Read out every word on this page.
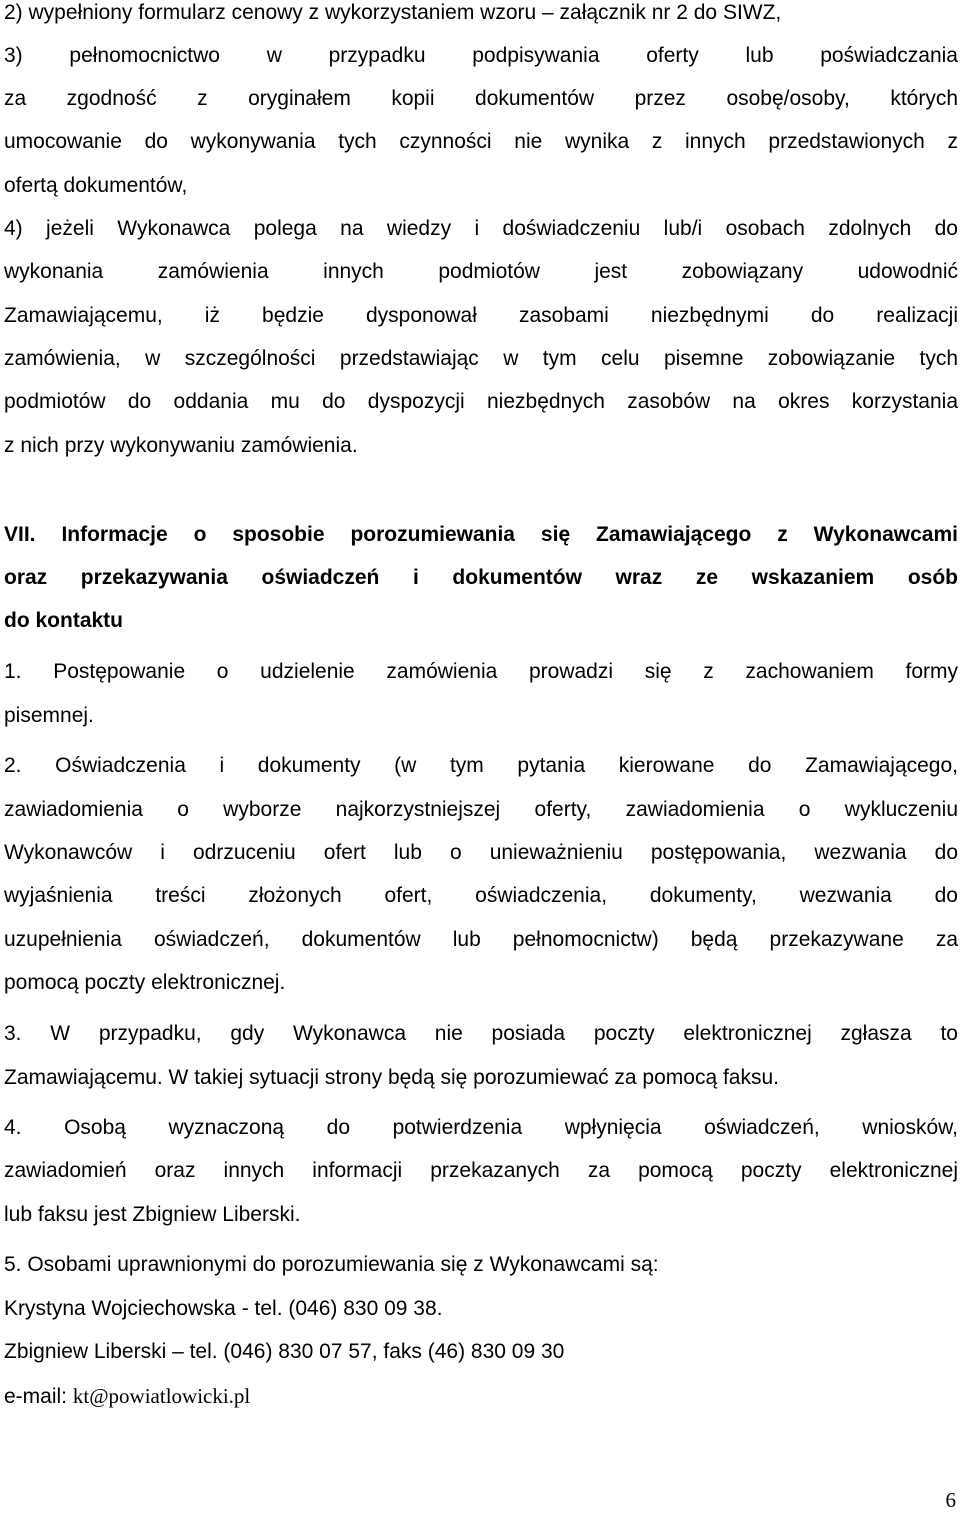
2) wypełniony formularz cenowy z wykorzystaniem wzoru – załącznik nr 2 do SIWZ,
3) pełnomocnictwo w przypadku podpisywania oferty lub poświadczania
za zgodność z oryginałem kopii dokumentów przez osobę/osoby, których
umocowanie do wykonywania tych czynności nie wynika z innych przedstawionych z
ofertą dokumentów,
4) jeżeli Wykonawca polega na wiedzy i doświadczeniu lub/i osobach zdolnych do
wykonania zamówienia innych podmiotów jest zobowiązany udowodnić
Zamawiającemu, iż będzie dysponował zasobami niezbędnymi do realizacji
zamówienia, w szczególności przedstawiając w tym celu pisemne zobowiązanie tych
podmiotów do oddania mu do dyspozycji niezbędnych zasobów na okres korzystania
z nich przy wykonywaniu zamówienia.
VII. Informacje o sposobie porozumiewania się Zamawiającego z Wykonawcami
oraz przekazywania oświadczeń i dokumentów wraz ze wskazaniem osób
do kontaktu
1. Postępowanie o udzielenie zamówienia prowadzi się z zachowaniem formy
pisemnej.
2. Oświadczenia i dokumenty (w tym pytania kierowane do Zamawiającego,
zawiadomienia o wyborze najkorzystniejszej oferty, zawiadomienia o wykluczeniu
Wykonawców i odrzuceniu ofert lub o unieważnieniu postępowania, wezwania do
wyjaśnienia treści złożonych ofert, oświadczenia, dokumenty, wezwania do
uzupełnienia oświadczeń, dokumentów lub pełnomocnictw) będą przekazywane za
pomocą poczty elektronicznej.
3. W przypadku, gdy Wykonawca nie posiada poczty elektronicznej zgłasza to
Zamawiającemu. W takiej sytuacji strony będą się porozumiewać za pomocą faksu.
4. Osobą wyznaczoną do potwierdzenia wpłynięcia oświadczeń, wniosków,
zawiadomień oraz innych informacji przekazanych za pomocą poczty elektronicznej
lub faksu jest Zbigniew Liberski.
5. Osobami uprawnionymi do porozumiewania się z Wykonawcami są:
Krystyna Wojciechowska - tel. (046) 830 09 38.
Zbigniew Liberski – tel. (046) 830 07 57, faks (46) 830 09 30
e-mail: kt@powiatlowicki.pl
6
